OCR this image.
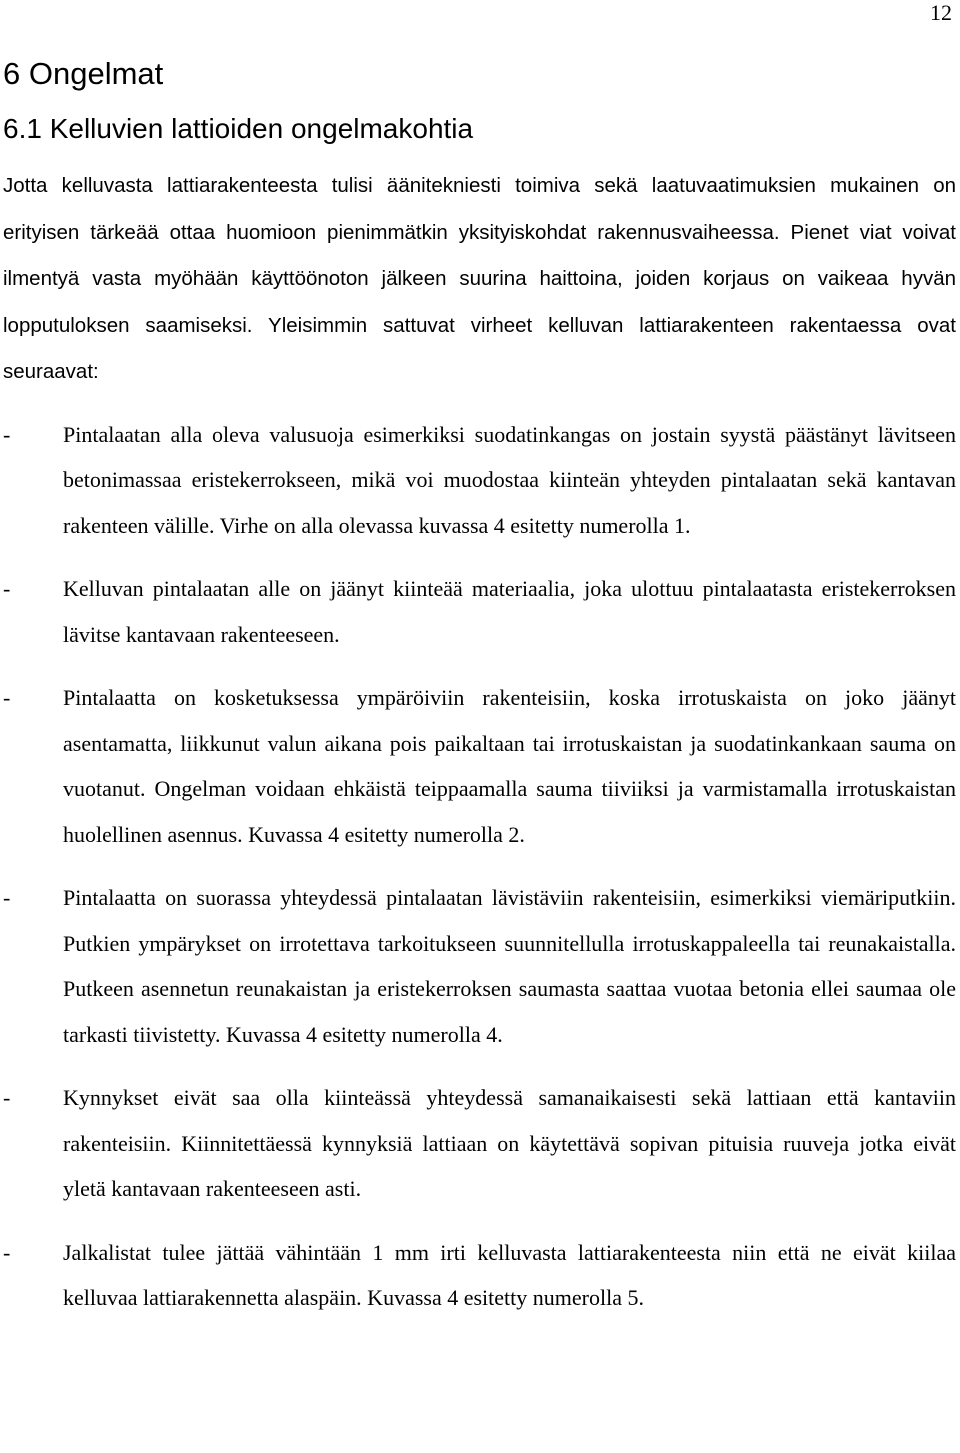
12
6 Ongelmat
6.1 Kelluvien lattioiden ongelmakohtia

Jotta kelluvasta lattiarakenteesta tulisi äänitekniesti toimiva sekä laatuvaatimuksien mukainen on erityisen tärkeää ottaa huomioon pienimmätkin yksityiskohdat rakennusvaiheessa. Pienet viat voivat ilmentyä vasta myöhään käyttöönoton jälkeen suurina haittoina, joiden korjaus on vaikeaa hyvän lopputuloksen saamiseksi. Yleisimmin sattuvat virheet kelluvan lattiarakenteen rakentaessa ovat seuraavat:

- Pintalaatan alla oleva valusuoja esimerkiksi suodatinkangas on jostain syystä päästänyt lävitseen betonimassaa eristekerrokseen, mikä voi muodostaa kiinteän yhteyden pintalaatan sekä kantavan rakenteen välille. Virhe on alla olevassa kuvassa 4 esitetty numerolla 1.
- Kelluvan pintalaatan alle on jäänyt kiinteää materiaalia, joka ulottuu pintalaatasta eristekerroksen lävitse kantavaan rakenteeseen.
- Pintalaatta on kosketuksessa ympäröiviin rakenteisiin, koska irrotuskaista on joko jäänyt asentamatta, liikkunut valun aikana pois paikaltaan tai irrotuskaistan ja suodatinkankaan sauma on vuotanut. Ongelman voidaan ehkäistä teippaamalla sauma tiiviiksi ja varmistamalla irrotuskaistan huolellinen asennus. Kuvassa 4 esitetty numerolla 2.
- Pintalaatta on suorassa yhteydessä pintalaatan lävistäviin rakenteisiin, esimerkiksi viemäriputkiin. Putkien ympärykset on irrotettava tarkoitukseen suunnitellulla irrotuskappaleella tai reunakaistalla. Putkeen asennetun reunakaistan ja eristekerroksen saumasta saattaa vuotaa betonia ellei saumaa ole tarkasti tiivistetty. Kuvassa 4 esitetty numerolla 4.
- Kynnykset eivät saa olla kiinteässä yhteydessä samanaikaisesti sekä lattiaan että kantaviin rakenteisiin. Kiinnitettäessä kynnyksiä lattiaan on käytettävä sopivan pituisia ruuveja jotka eivät yletä kantavaan rakenteeseen asti.
- Jalkalistat tulee jättää vähintään 1 mm irti kelluvasta lattiarakenteesta niin että ne eivät kiilaa kelluvaa lattiarakennetta alaspäin. Kuvassa 4 esitetty numerolla 5.
